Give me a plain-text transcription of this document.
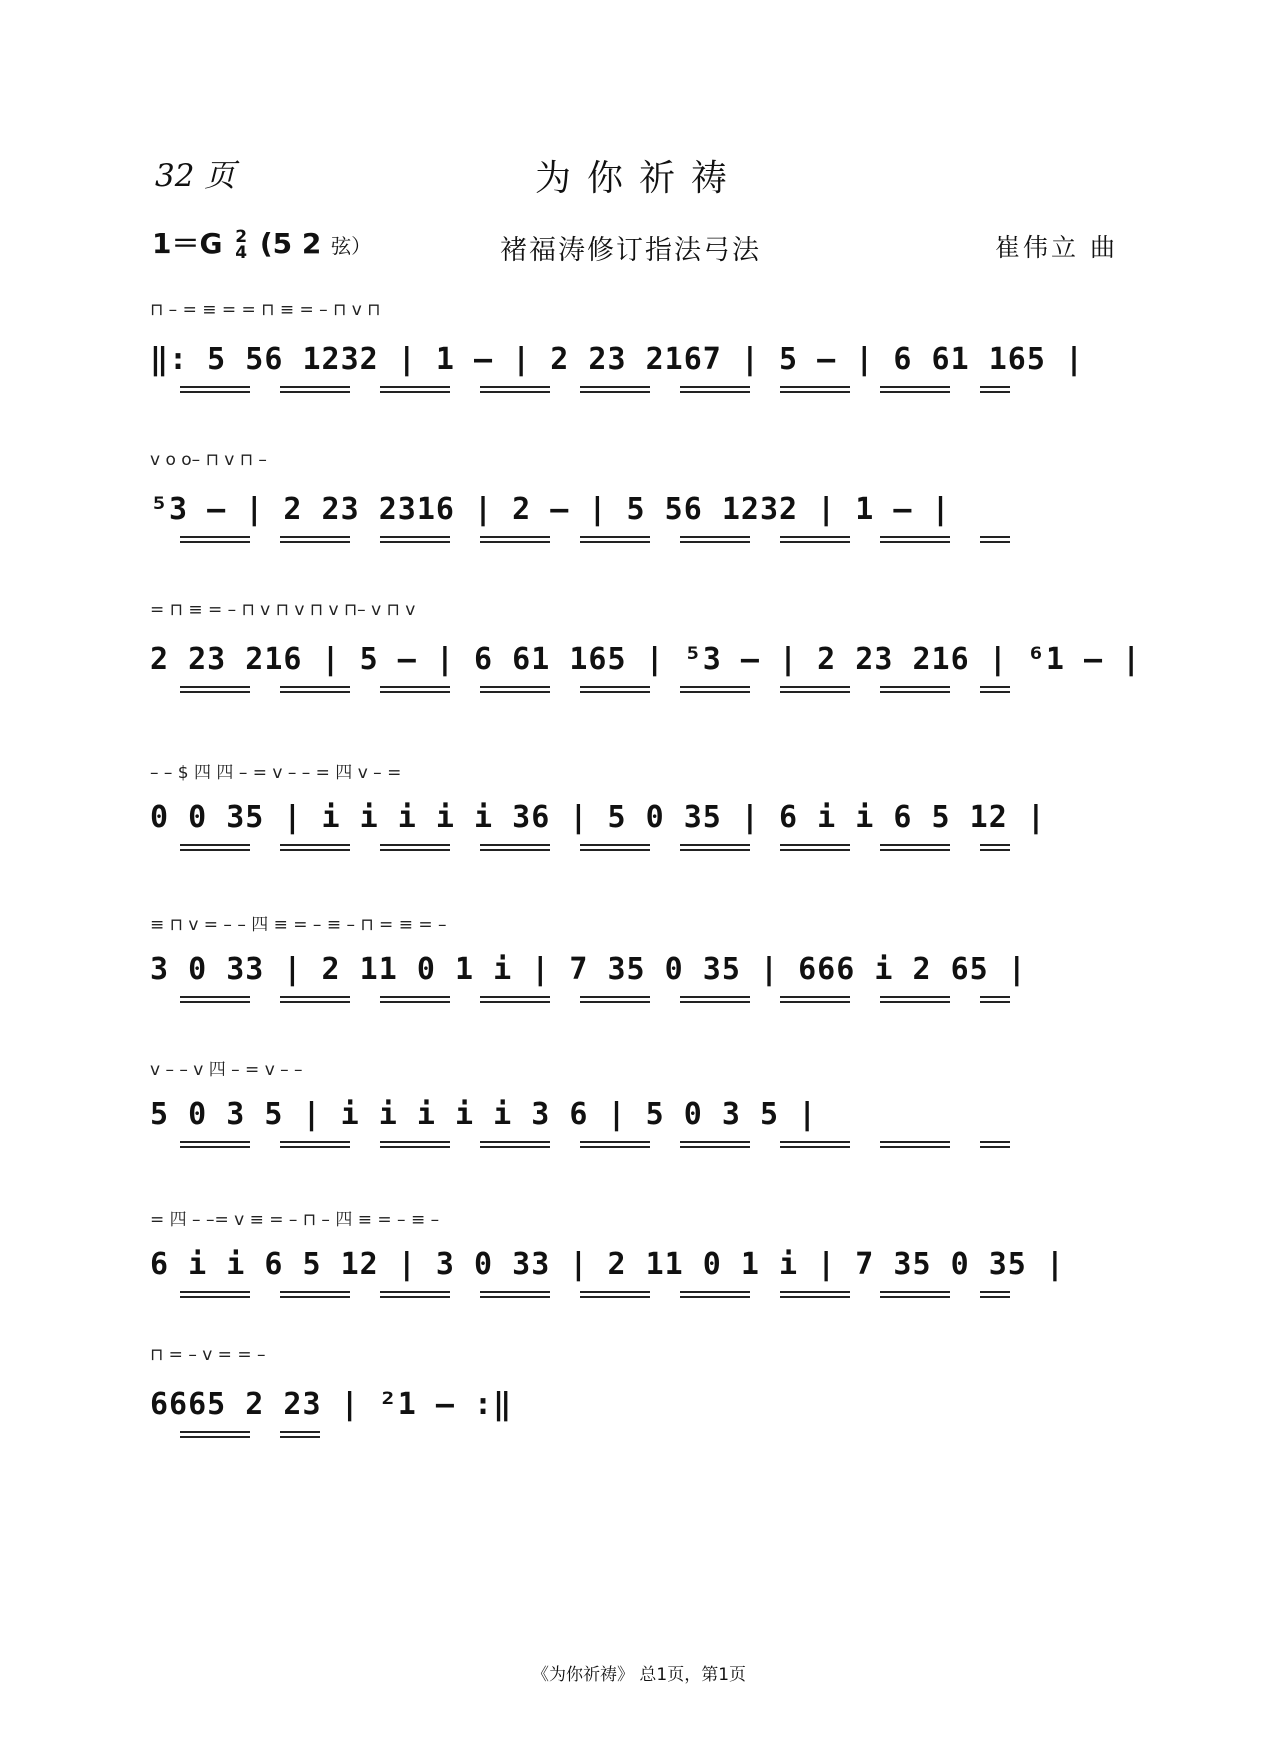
32 页	为你祈祷
1＝G 2
4 (5 2 弦）	褚福涛修订指法弓法	崔伟立 曲
⊓ – = ≡ = = ⊓ ≡ = – ⊓ v ⊓
‖: 5 56 1232 | 1 – | 2 23 2167 | 5 – | 6 61 165 |
v o o– ⊓ v ⊓ –
⁵3 – | 2 23 2316 | 2 – | 5 56 1232 | 1 – |
= ⊓ ≡ = – ⊓ v ⊓ v ⊓ v ⊓– v ⊓ v
2 23 216 | 5 – | 6 61 165 | ⁵3 – | 2 23 216 | ⁶1 – |
– – $ 四 四 – = v – – = 四 v – =
0 0 35 | i i i i i 36 | 5 0 35 | 6 i i 6 5 12 |
≡ ⊓ v = – – 四 ≡ = – ≡ – ⊓ = ≡ = –
3 0 33 | 2 11 0 1 i | 7 35 0 35 | 666 i 2 65 |
v – – v 四 – = v – –
5 0 3 5 | i i i i i 3 6 | 5 0 3 5 |
= 四 – –= v ≡ = – ⊓ – 四 ≡ = – ≡ –
6 i i 6 5 12 | 3 0 33 | 2 11 0 1 i | 7 35 0 35 |
⊓ = – v = = –
6665 2 23 | ²1 – :‖
《为你祈祷》 总1页，第1页
